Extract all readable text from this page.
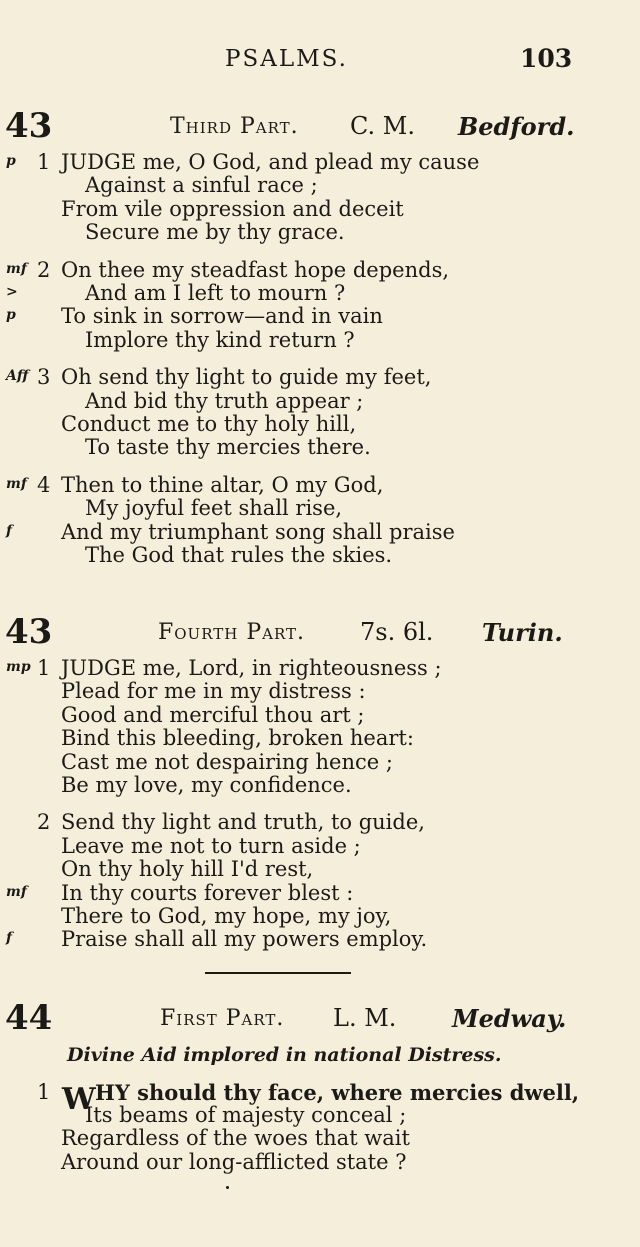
PSALMS.	103
43	Third Part. C. M. Bedford.
p 1 JUDGE me, O God, and plead my cause
Against a sinful race ;
From vile oppression and deceit
Secure me by thy grace.
mf 2 On thee my steadfast hope depends,
>	And am I left to mourn ?
p To sink in sorrow—and in vain
Implore thy kind return ?
Aff 3 Oh send thy light to guide my feet,
And bid thy truth appear ;
Conduct me to thy holy hill,
To taste thy mercies there.
mf 4 Then to thine altar, O my God,
My joyful feet shall rise,
f And my triumphant song shall praise
The God that rules the skies.
43	Fourth Part. 7s. 6l. Turin.
mp 1 JUDGE me, Lord, in righteousness ;
Plead for me in my distress :
Good and merciful thou art ;
Bind this bleeding, broken heart:
Cast me not despairing hence ;
Be my love, my confidence.
2 Send thy light and truth, to guide,
Leave me not to turn aside ;
On thy holy hill I'd rest,
mf In thy courts forever blest :
There to God, my hope, my joy,
f Praise shall all my powers employ.
44	First Part. L. M. Medway.
Divine Aid implored in national Distress.
1 W HY should thy face, where mercies dwell,
Its beams of majesty conceal ;
Regardless of the woes that wait
Around our long-afflicted state ?
